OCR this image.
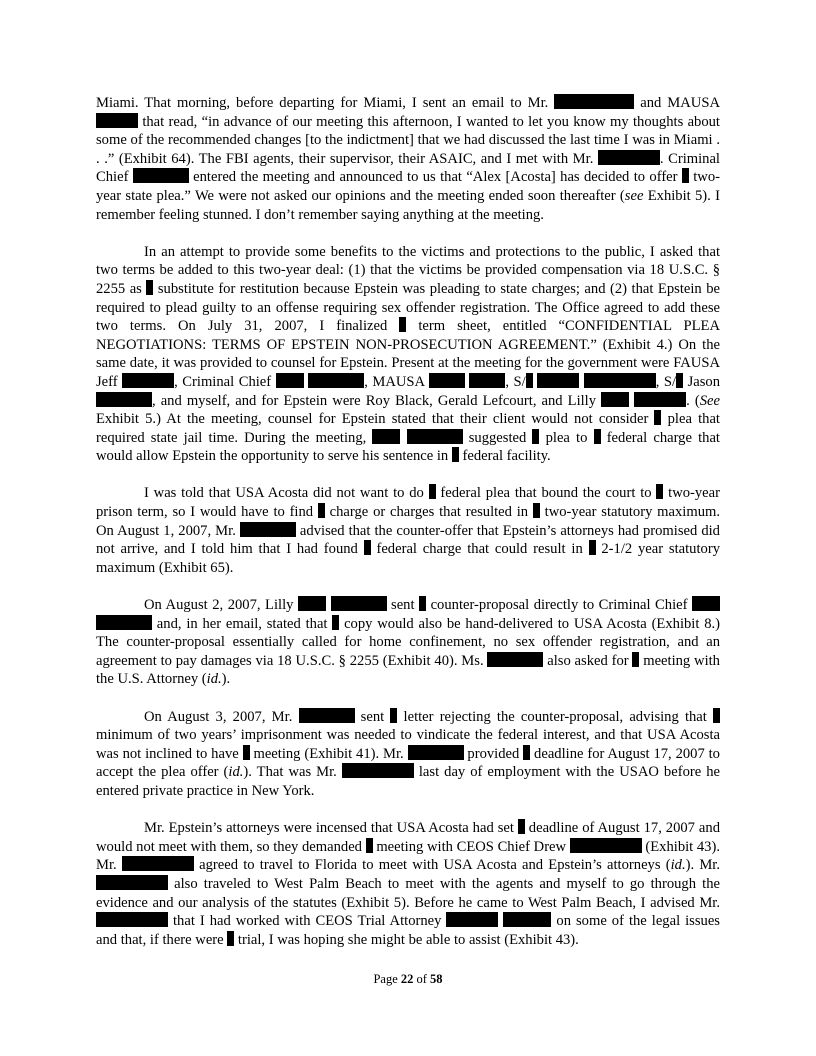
Miami. That morning, before departing for Miami, I sent an email to Mr.	and MAUSA  that read, “in advance of our meeting this afternoon, I wanted to let you know my thoughts about some of the recommended changes [to the indictment] that we had discussed the last time I was in Miami . . .” (Exhibit 64). The FBI agents, their supervisor, their ASAIC, and I met with Mr.	. Criminal Chief	entered the meeting and announced to us that “Alex [Acosta] has decided to offer  two-year state plea.” We were not asked our opinions and the meeting ended soon thereafter (see Exhibit 5). I remember feeling stunned. I don’t remember saying anything at the meeting.

In an attempt to provide some benefits to the victims and protections to the public, I asked that two terms be added to this two-year deal: (1) that the victims be provided compensation via 18 U.S.C. § 2255 as  substitute for restitution because Epstein was pleading to state charges; and (2) that Epstein be required to plead guilty to an offense requiring sex offender registration. The Office agreed to add these two terms. On July 31, 2007, I finalized  term sheet, entitled “CONFIDENTIAL PLEA NEGOTIATIONS: TERMS OF EPSTEIN NON-PROSECUTION AGREEMENT.” (Exhibit 4.) On the same date, it was provided to counsel for Epstein. Present at the meeting for the government were FAUSA Jeff	, Criminal Chief	, MAUSA	, S/	, S/ Jason , and myself, and for Epstein were Roy Black, Gerald Lefcourt, and Lilly	. (See Exhibit 5.) At the meeting, counsel for Epstein stated that their client would not consider  plea that required state jail time. During the meeting,	suggested  plea to  federal charge that would allow Epstein the opportunity to serve his sentence in  federal facility.

I was told that USA Acosta did not want to do  federal plea that bound the court to  two-year prison term, so I would have to find  charge or charges that resulted in  two-year statutory maximum. On August 1, 2007, Mr.	advised that the counter-offer that Epstein’s attorneys had promised did not arrive, and I told him that I had found  federal charge that could result in  2-1/2 year statutory maximum (Exhibit 65).

On August 2, 2007, Lilly	sent  counter-proposal directly to Criminal Chief   and, in her email, stated that  copy would also be hand-delivered to USA Acosta (Exhibit 8.) The counter-proposal essentially called for home confinement, no sex offender registration, and an agreement to pay damages via 18 U.S.C. § 2255 (Exhibit 40). Ms.	also asked for  meeting with the U.S. Attorney (id.).

On August 3, 2007, Mr.	sent  letter rejecting the counter-proposal, advising that  minimum of two years’ imprisonment was needed to vindicate the federal interest, and that USA Acosta was not inclined to have  meeting (Exhibit 41). Mr.	provided  deadline for August 17, 2007 to accept the plea offer (id.). That was Mr.	last day of employment with the USAO before he entered private practice in New York.

Mr. Epstein’s attorneys were incensed that USA Acosta had set  deadline of August 17, 2007 and would not meet with them, so they demanded  meeting with CEOS Chief Drew	(Exhibit 43). Mr.	agreed to travel to Florida to meet with USA Acosta and Epstein’s attorneys (id.). Mr.  also traveled to West Palm Beach to meet with the agents and myself to go through the evidence and our analysis of the statutes (Exhibit 5). Before he came to West Palm Beach, I advised Mr.  that I had worked with CEOS Trial Attorney	on some of the legal issues and that, if there were  trial, I was hoping she might be able to assist (Exhibit 43).

Page 22 of 58
